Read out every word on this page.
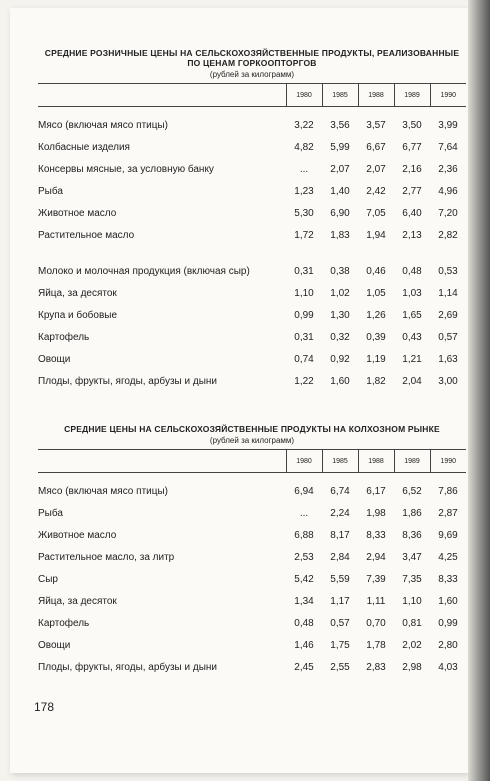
СРЕДНИЕ РОЗНИЧНЫЕ ЦЕНЫ НА СЕЛЬСКОХОЗЯЙСТВЕННЫЕ ПРОДУКТЫ, РЕАЛИЗОВАННЫЕ ПО ЦЕНАМ ГОРКООПТОРГОВ
(рублей за килограмм)
	1980	1985	1988	1989	1990
Мясо (включая мясо птицы)	3,22	3,56	3,57	3,50	3,99
Колбасные изделия	4,82	5,99	6,67	6,77	7,64
Консервы мясные, за условную банку	...	2,07	2,07	2,16	2,36
Рыба	1,23	1,40	2,42	2,77	4,96
Животное масло	5,30	6,90	7,05	6,40	7,20
Растительное масло	1,72	1,83	1,94	2,13	2,82
Молоко и молочная продукция (включая сыр)	0,31	0,38	0,46	0,48	0,53
Яйца, за десяток	1,10	1,02	1,05	1,03	1,14
Крупа и бобовые	0,99	1,30	1,26	1,65	2,69
Картофель	0,31	0,32	0,39	0,43	0,57
Овощи	0,74	0,92	1,19	1,21	1,63
Плоды, фрукты, ягоды, арбузы и дыни	1,22	1,60	1,82	2,04	3,00
СРЕДНИЕ ЦЕНЫ НА СЕЛЬСКОХОЗЯЙСТВЕННЫЕ ПРОДУКТЫ НА КОЛХОЗНОМ РЫНКЕ
(рублей за килограмм)
	1980	1985	1988	1989	1990
Мясо (включая мясо птицы)	6,94	6,74	6,17	6,52	7,86
Рыба	...	2,24	1,98	1,86	2,87
Животное масло	6,88	8,17	8,33	8,36	9,69
Растительное масло, за литр	2,53	2,84	2,94	3,47	4,25
Сыр	5,42	5,59	7,39	7,35	8,33
Яйца, за десяток	1,34	1,17	1,11	1,10	1,60
Картофель	0,48	0,57	0,70	0,81	0,99
Овощи	1,46	1,75	1,78	2,02	2,80
Плоды, фрукты, ягоды, арбузы и дыни	2,45	2,55	2,83	2,98	4,03
178
